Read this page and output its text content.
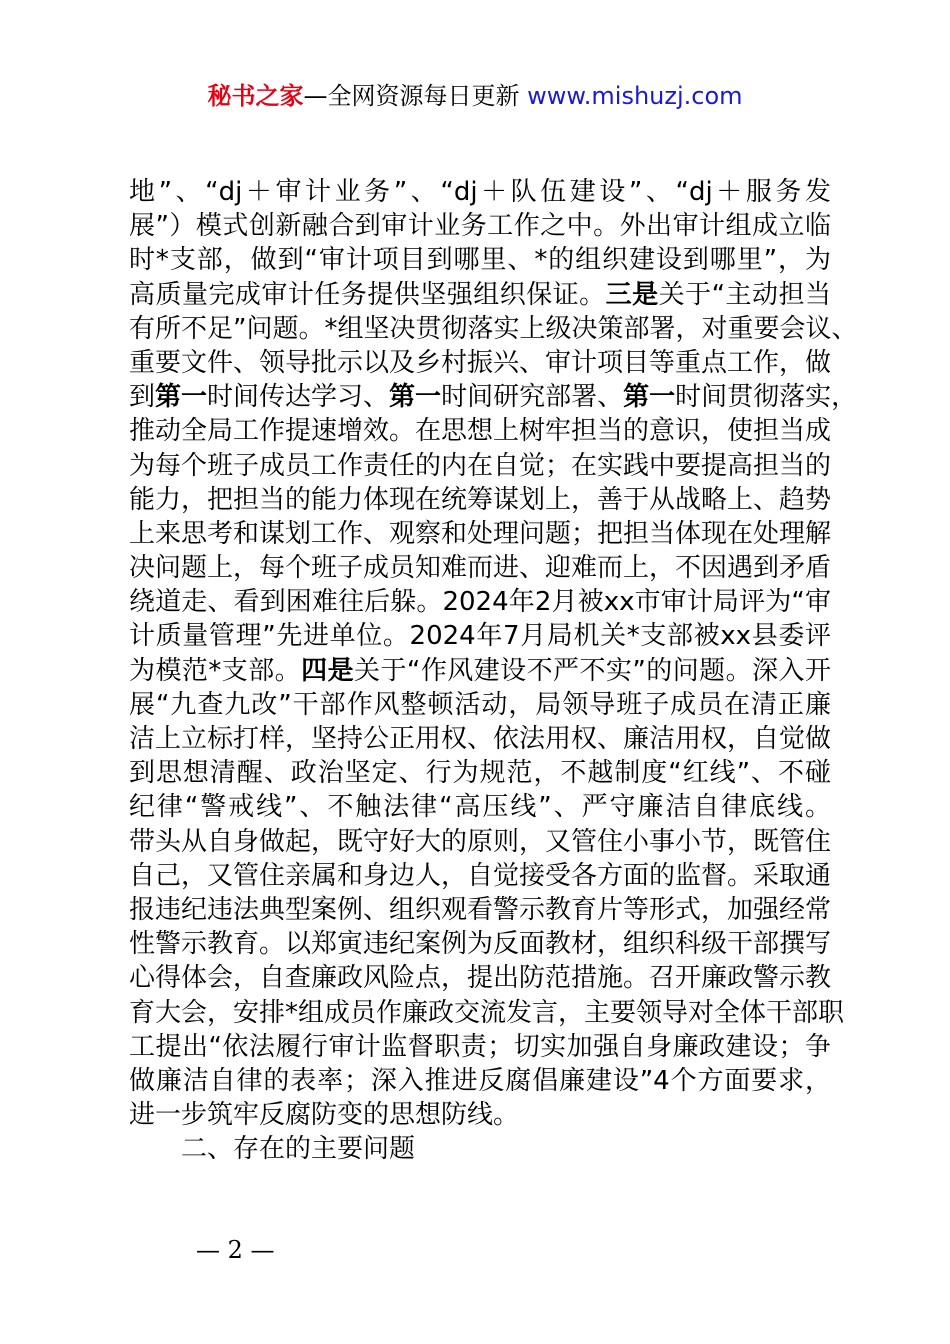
秘书之家—全网资源每日更新 www.mishuzj.com
地”、“dj＋审计业务”、“dj＋队伍建设”、“dj＋服务发
展”）模式创新融合到审计业务工作之中。外出审计组成立临
时*支部，做到“审计项目到哪里、*的组织建设到哪里”，为
高质量完成审计任务提供坚强组织保证。三是关于“主动担当
有所不足”问题。*组坚决贯彻落实上级决策部署，对重要会议、
重要文件、领导批示以及乡村振兴、审计项目等重点工作，做
到第一时间传达学习、第一时间研究部署、第一时间贯彻落实，
推动全局工作提速增效。在思想上树牢担当的意识，使担当成
为每个班子成员工作责任的内在自觉；在实践中要提高担当的
能力，把担当的能力体现在统筹谋划上，善于从战略上、趋势
上来思考和谋划工作、观察和处理问题；把担当体现在处理解
决问题上，每个班子成员知难而进、迎难而上，不因遇到矛盾
绕道走、看到困难往后躲。2024年2月被xx市审计局评为“审
计质量管理”先进单位。2024年7月局机关*支部被xx县委评
为模范*支部。四是关于“作风建设不严不实”的问题。深入开
展“九查九改”干部作风整顿活动，局领导班子成员在清正廉
洁上立标打样，坚持公正用权、依法用权、廉洁用权，自觉做
到思想清醒、政治坚定、行为规范，不越制度“红线”、不碰
纪律“警戒线”、不触法律“高压线”、严守廉洁自律底线。
带头从自身做起，既守好大的原则，又管住小事小节，既管住
自己，又管住亲属和身边人，自觉接受各方面的监督。采取通
报违纪违法典型案例、组织观看警示教育片等形式，加强经常
性警示教育。以郑寅违纪案例为反面教材，组织科级干部撰写
心得体会，自查廉政风险点，提出防范措施。召开廉政警示教
育大会，安排*组成员作廉政交流发言，主要领导对全体干部职
工提出“依法履行审计监督职责；切实加强自身廉政建设；争
做廉洁自律的表率；深入推进反腐倡廉建设”4个方面要求，
进一步筑牢反腐防变的思想防线。
二、存在的主要问题
— 2 —
